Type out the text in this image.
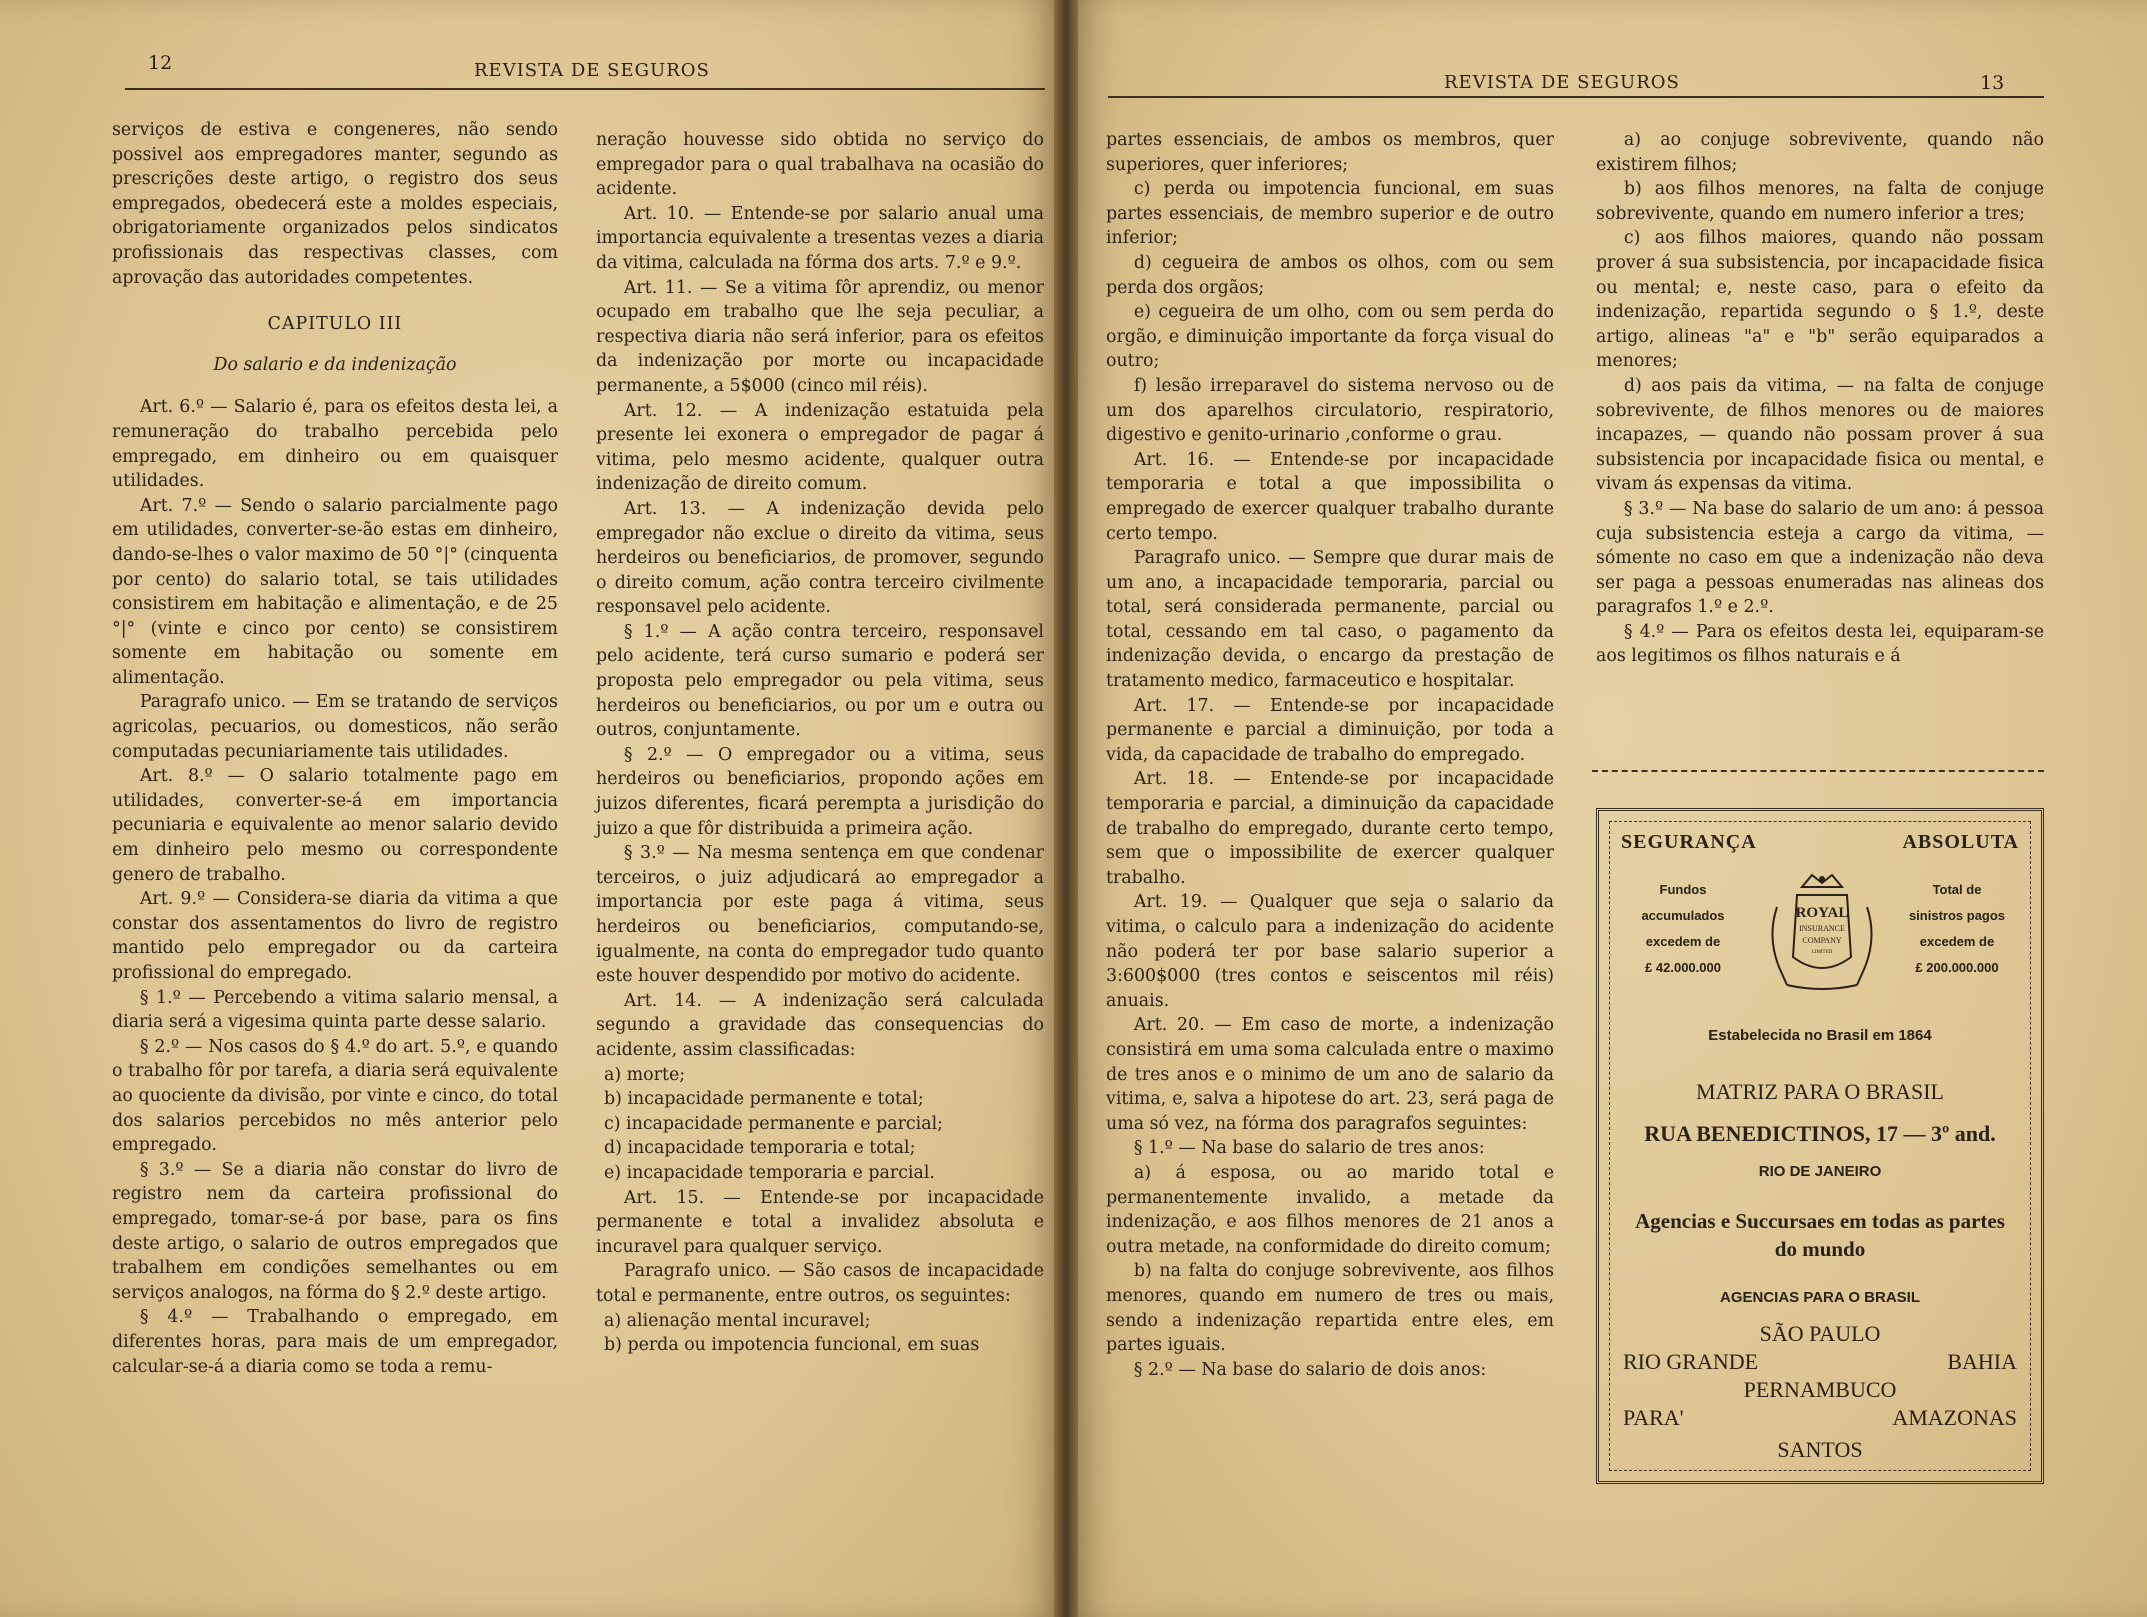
12	REVISTA DE SEGUROS
REVISTA DE SEGUROS	13

serviços de estiva e congeneres, não sendo possivel aos empregadores manter, segundo as prescrições deste artigo, o registro dos seus empregados, obedecerá este a moldes especiais, obrigatoriamente organizados pelos sindicatos profissionais das respectivas classes, com aprovação das autoridades competentes.

CAPITULO III

Do salario e da indenização

Art. 6.º — Salario é, para os efeitos desta lei, a remuneração do trabalho percebida pelo empregado, em dinheiro ou em quaisquer utilidades.

Art. 7.º — Sendo o salario parcialmente pago em utilidades, converter-se-ão estas em dinheiro, dando-se-lhes o valor maximo de 50 °|° (cinquenta por cento) do salario total, se tais utilidades consistirem em habitação e alimentação, e de 25 °|° (vinte e cinco por cento) se consistirem somente em habitação ou somente em alimentação.

Paragrafo unico. — Em se tratando de serviços agricolas, pecuarios, ou domesticos, não serão computadas pecuniariamente tais utilidades.

Art. 8.º — O salario totalmente pago em utilidades, converter-se-á em importancia pecuniaria e equivalente ao menor salario devido em dinheiro pelo mesmo ou correspondente genero de trabalho.

Art. 9.º — Considera-se diaria da vitima a que constar dos assentamentos do livro de registro mantido pelo empregador ou da carteira profissional do empregado.

§ 1.º — Percebendo a vitima salario mensal, a diaria será a vigesima quinta parte desse salario.

§ 2.º — Nos casos do § 4.º do art. 5.º, e quando o trabalho fôr por tarefa, a diaria será equivalente ao quociente da divisão, por vinte e cinco, do total dos salarios percebidos no mês anterior pelo empregado.

§ 3.º — Se a diaria não constar do livro de registro nem da carteira profissional do empregado, tomar-se-á por base, para os fins deste artigo, o salario de outros empregados que trabalhem em condições semelhantes ou em serviços analogos, na fórma do § 2.º deste artigo.

§ 4.º — Trabalhando o empregado, em diferentes horas, para mais de um empregador, calcular-se-á a diaria como se toda a remu-

neração houvesse sido obtida no serviço do empregador para o qual trabalhava na ocasião do acidente.

Art. 10. — Entende-se por salario anual uma importancia equivalente a tresentas vezes a diaria da vitima, calculada na fórma dos arts. 7.º e 9.º.

Art. 11. — Se a vitima fôr aprendiz, ou menor ocupado em trabalho que lhe seja peculiar, a respectiva diaria não será inferior, para os efeitos da indenização por morte ou incapacidade permanente, a 5$000 (cinco mil réis).

Art. 12. — A indenização estatuida pela presente lei exonera o empregador de pagar á vitima, pelo mesmo acidente, qualquer outra indenização de direito comum.

Art. 13. — A indenização devida pelo empregador não exclue o direito da vitima, seus herdeiros ou beneficiarios, de promover, segundo o direito comum, ação contra terceiro civilmente responsavel pelo acidente.

§ 1.º — A ação contra terceiro, responsavel pelo acidente, terá curso sumario e poderá ser proposta pelo empregador ou pela vitima, seus herdeiros ou beneficiarios, ou por um e outra ou outros, conjuntamente.

§ 2.º — O empregador ou a vitima, seus herdeiros ou beneficiarios, propondo ações em juizos diferentes, ficará perempta a jurisdição do juizo a que fôr distribuida a primeira ação.

§ 3.º — Na mesma sentença em que condenar terceiros, o juiz adjudicará ao empregador a importancia por este paga á vitima, seus herdeiros ou beneficiarios, computando-se, igualmente, na conta do empregador tudo quanto este houver despendido por motivo do acidente.

Art. 14. — A indenização será calculada segundo a gravidade das consequencias do acidente, assim classificadas:

a) morte;

b) incapacidade permanente e total;

c) incapacidade permanente e parcial;

d) incapacidade temporaria e total;

e) incapacidade temporaria e parcial.

Art. 15. — Entende-se por incapacidade permanente e total a invalidez absoluta e incuravel para qualquer serviço.

Paragrafo unico. — São casos de incapacidade total e permanente, entre outros, os seguintes:

a) alienação mental incuravel;

b) perda ou impotencia funcional, em suas

partes essenciais, de ambos os membros, quer superiores, quer inferiores;

c) perda ou impotencia funcional, em suas partes essenciais, de membro superior e de outro inferior;

d) cegueira de ambos os olhos, com ou sem perda dos orgãos;

e) cegueira de um olho, com ou sem perda do orgão, e diminuição importante da força visual do outro;

f) lesão irreparavel do sistema nervoso ou de um dos aparelhos circulatorio, respiratorio, digestivo e genito-urinario ,conforme o grau.

Art. 16. — Entende-se por incapacidade temporaria e total a que impossibilita o empregado de exercer qualquer trabalho durante certo tempo.

Paragrafo unico. — Sempre que durar mais de um ano, a incapacidade temporaria, parcial ou total, será considerada permanente, parcial ou total, cessando em tal caso, o pagamento da indenização devida, o encargo da prestação de tratamento medico, farmaceutico e hospitalar.

Art. 17. — Entende-se por incapacidade permanente e parcial a diminuição, por toda a vida, da capacidade de trabalho do empregado.

Art. 18. — Entende-se por incapacidade temporaria e parcial, a diminuição da capacidade de trabalho do empregado, durante certo tempo, sem que o impossibilite de exercer qualquer trabalho.

Art. 19. — Qualquer que seja o salario da vitima, o calculo para a indenização do acidente não poderá ter por base salario superior a 3:600$000 (tres contos e seiscentos mil réis) anuais.

Art. 20. — Em caso de morte, a indenização consistirá em uma soma calculada entre o maximo de tres anos e o minimo de um ano de salario da vitima, e, salva a hipotese do art. 23, será paga de uma só vez, na fórma dos paragrafos seguintes:

§ 1.º — Na base do salario de tres anos:

a) á esposa, ou ao marido total e permanentemente invalido, a metade da indenização, e aos filhos menores de 21 anos a outra metade, na conformidade do direito comum;

b) na falta do conjuge sobrevivente, aos filhos menores, quando em numero de tres ou mais, sendo a indenização repartida entre eles, em partes iguais.

§ 2.º — Na base do salario de dois anos:

a) ao conjuge sobrevivente, quando não existirem filhos;

b) aos filhos menores, na falta de conjuge sobrevivente, quando em numero inferior a tres;

c) aos filhos maiores, quando não possam prover á sua subsistencia, por incapacidade fisica ou mental; e, neste caso, para o efeito da indenização, repartida segundo o § 1.º, deste artigo, alineas "a" e "b" serão equiparados a menores;

d) aos pais da vitima, — na falta de conjuge sobrevivente, de filhos menores ou de maiores incapazes, — quando não possam prover á sua subsistencia por incapacidade fisica ou mental, e vivam ás expensas da vitima.

§ 3.º — Na base do salario de um ano: á pessoa cuja subsistencia esteja a cargo da vitima, — sómente no caso em que a indenização não deva ser paga a pessoas enumeradas nas alineas dos paragrafos 1.º e 2.º.

§ 4.º — Para os efeitos desta lei, equiparam-se aos legitimos os filhos naturais e á

SEGURANÇA	ABSOLUTA
Fundos
accumulados
excedem de
£ 42.000.000
ROYAL
INSURANCE
COMPANY
LIMITED
Total de
sinistros pagos
excedem de
£ 200.000.000
Estabelecida no Brasil em 1864
MATRIZ PARA O BRASIL
RUA BENEDICTINOS, 17 — 3º and.
RIO DE JANEIRO
Agencias e Succursaes em todas as partes do mundo
AGENCIAS PARA O BRASIL
SÃO PAULO
RIO GRANDE	BAHIA
PERNAMBUCO
PARA'	AMAZONAS
SANTOS
